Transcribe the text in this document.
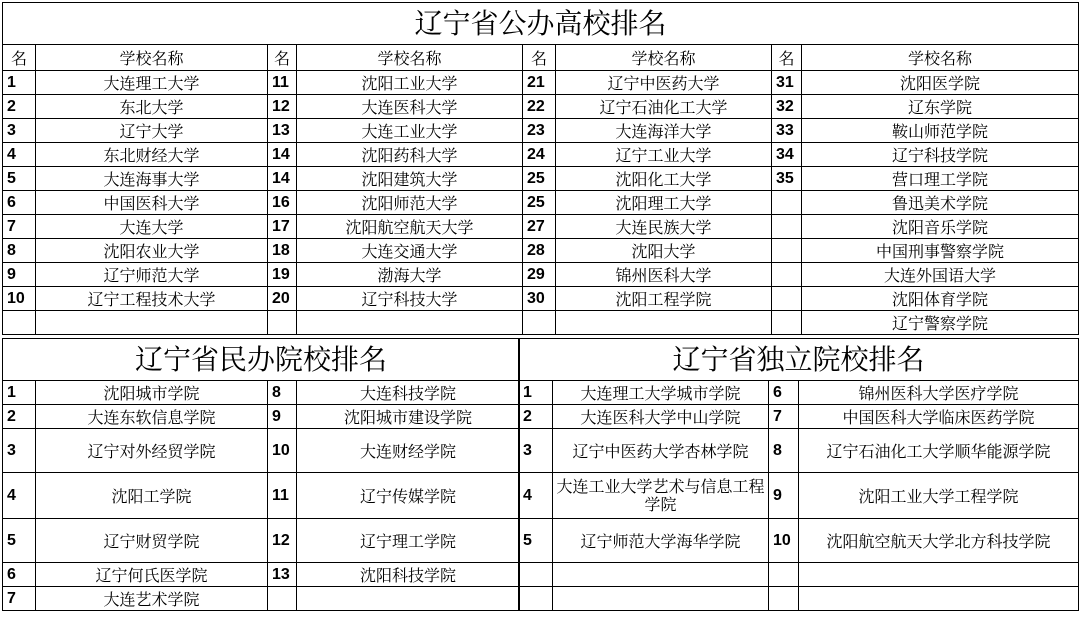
辽宁省公办高校排名							
名	学校名称	名	学校名称	名	学校名称	名	学校名称
1	大连理工大学	11	沈阳工业大学	21	辽宁中医药大学	31	沈阳医学院
2	东北大学	12	大连医科大学	22	辽宁石油化工大学	32	辽东学院
3	辽宁大学	13	大连工业大学	23	大连海洋大学	33	鞍山师范学院
4	东北财经大学	14	沈阳药科大学	24	辽宁工业大学	34	辽宁科技学院
5	大连海事大学	14	沈阳建筑大学	25	沈阳化工大学	35	营口理工学院
6	中国医科大学	16	沈阳师范大学	25	沈阳理工大学		鲁迅美术学院
7	大连大学	17	沈阳航空航天大学	27	大连民族大学		沈阳音乐学院
8	沈阳农业大学	18	大连交通大学	28	沈阳大学		中国刑事警察学院
9	辽宁师范大学	19	渤海大学	29	锦州医科大学		大连外国语大学
10	辽宁工程技术大学	20	辽宁科技大学	30	沈阳工程学院		沈阳体育学院
							辽宁警察学院
辽宁省民办院校排名			
1	沈阳城市学院	8	大连科技学院
2	大连东软信息学院	9	沈阳城市建设学院
3	辽宁对外经贸学院	10	大连财经学院
4	沈阳工学院	11	辽宁传媒学院
5	辽宁财贸学院	12	辽宁理工学院
6	辽宁何氏医学院	13	沈阳科技学院
7	大连艺术学院		
辽宁省独立院校排名			
1	大连理工大学城市学院	6	锦州医科大学医疗学院
2	大连医科大学中山学院	7	中国医科大学临床医药学院
3	辽宁中医药大学杏林学院	8	辽宁石油化工大学顺华能源学院
4	大连工业大学艺术与信息工程学院	9	沈阳工业大学工程学院
5	辽宁师范大学海华学院	10	沈阳航空航天大学北方科技学院
